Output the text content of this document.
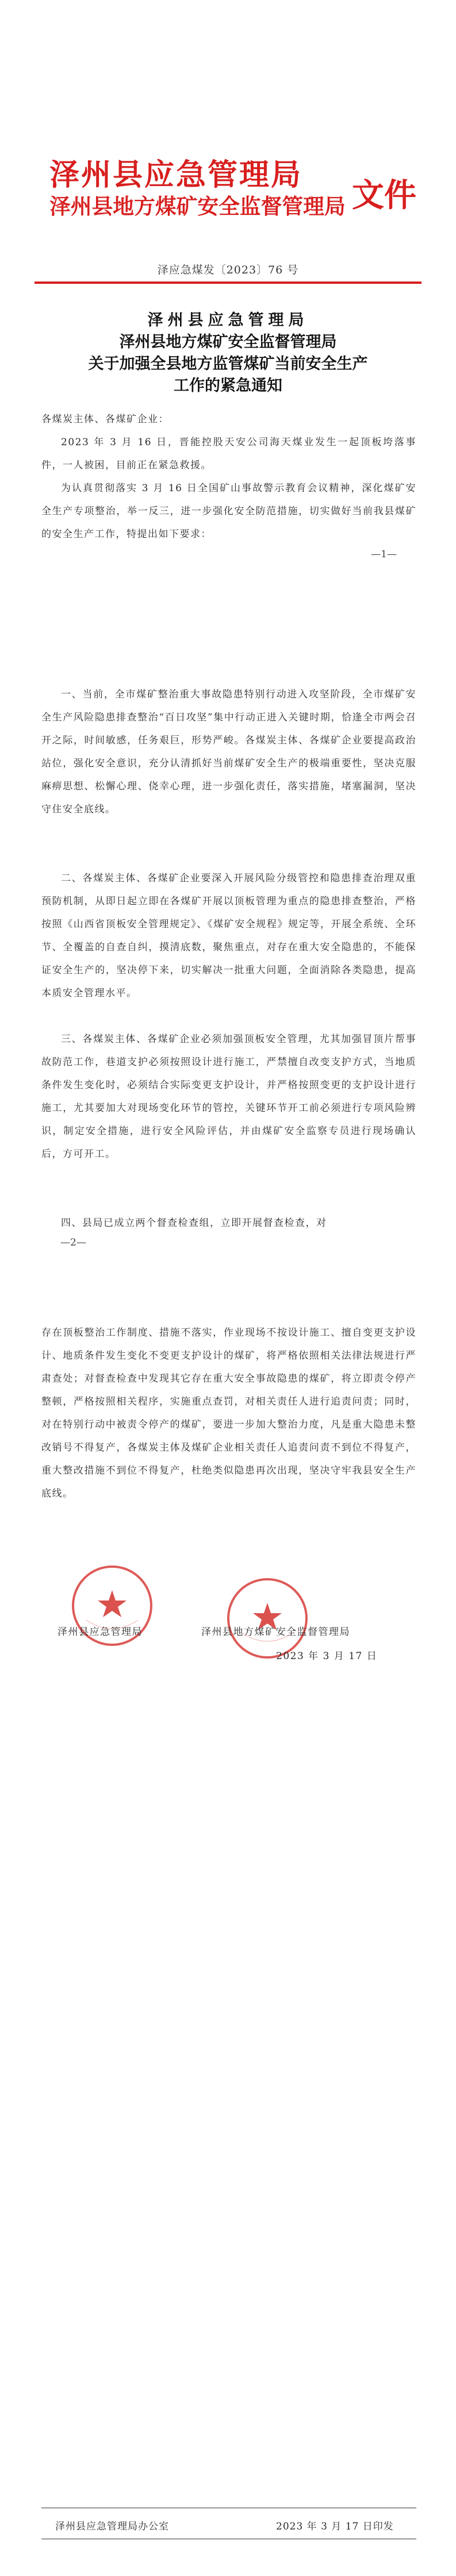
泽州县应急管理局
泽州县地方煤矿安全监督管理局 文件
泽应急煤发〔2023〕76 号
泽州县应急管理局
泽州县地方煤矿安全监督管理局
关于加强全县地方监管煤矿当前安全生产
工作的紧急通知
各煤炭主体、各煤矿企业：
2023 年 3 月 16 日，晋能控股天安公司海天煤业发生一起顶板垮落事件，一人被困，目前正在紧急救援。
为认真贯彻落实 3 月 16 日全国矿山事故警示教育会议精神，深化煤矿安全生产专项整治，举一反三，进一步强化安全防范措施，切实做好当前我县煤矿的安全生产工作，特提出如下要求：
—1—
一、当前，全市煤矿整治重大事故隐患特别行动进入攻坚阶段，全市煤矿安全生产风险隐患排查整治“百日攻坚”集中行动正进入关键时期，恰逢全市两会召开之际，时间敏感，任务艰巨，形势严峻。各煤炭主体、各煤矿企业要提高政治站位，强化安全意识，充分认清抓好当前煤矿安全生产的极端重要性，坚决克服麻痹思想、松懈心理、侥幸心理，进一步强化责任，落实措施，堵塞漏洞，坚决守住安全底线。
二、各煤炭主体、各煤矿企业要深入开展风险分级管控和隐患排查治理双重预防机制，从即日起立即在各煤矿开展以顶板管理为重点的隐患排查整治，严格按照《山西省顶板安全管理规定》、《煤矿安全规程》规定等，开展全系统、全环节、全覆盖的自查自纠，摸清底数，聚焦重点，对存在重大安全隐患的，不能保证安全生产的，坚决停下来，切实解决一批重大问题，全面消除各类隐患，提高本质安全管理水平。
三、各煤炭主体、各煤矿企业必须加强顶板安全管理，尤其加强冒顶片帮事故防范工作，巷道支护必须按照设计进行施工，严禁擅自改变支护方式，当地质条件发生变化时，必须结合实际变更支护设计，并严格按照变更的支护设计进行施工，尤其要加大对现场变化环节的管控，关键环节开工前必须进行专项风险辨识，制定安全措施，进行安全风险评估，并由煤矿安全监察专员进行现场确认后，方可开工。
四、县局已成立两个督查检查组，立即开展督查检查，对
—2—
存在顶板整治工作制度、措施不落实，作业现场不按设计施工、擅自变更支护设计、地质条件发生变化不变更支护设计的煤矿，将严格依照相关法律法规进行严肃查处；对督查检查中发现其它存在重大安全事故隐患的煤矿，将立即责令停产整顿，严格按照相关程序，实施重点查罚，对相关责任人进行追责问责；同时，对在特别行动中被责令停产的煤矿，要进一步加大整治力度，凡是重大隐患未整改销号不得复产，各煤炭主体及煤矿企业相关责任人追责问责不到位不得复产，重大整改措施不到位不得复产，杜绝类似隐患再次出现，坚决守牢我县安全生产底线。
泽州县应急管理局	泽州县地方煤矿安全监督管理局
2023 年 3 月 17 日
泽州县应急管理局办公室	2023 年 3 月 17 日印发
